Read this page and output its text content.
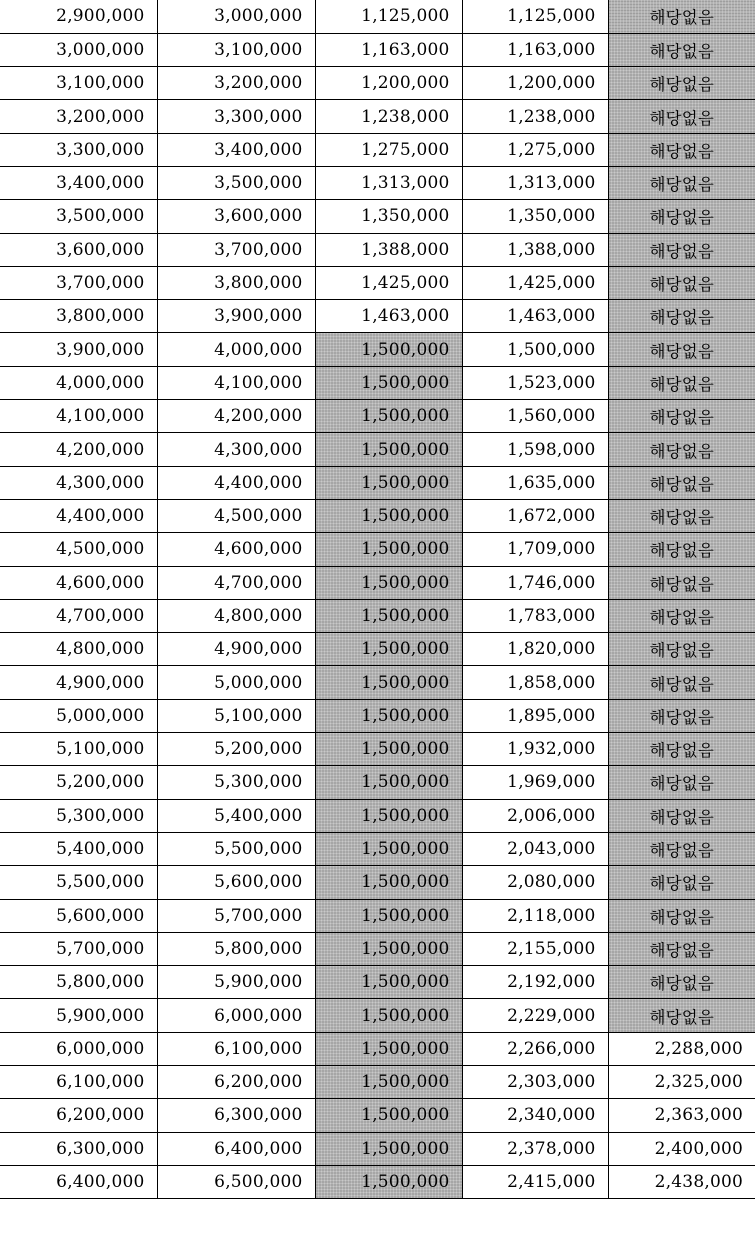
2,900,000	3,000,000	1,125,000	1,125,000	해당없음
3,000,000	3,100,000	1,163,000	1,163,000	해당없음
3,100,000	3,200,000	1,200,000	1,200,000	해당없음
3,200,000	3,300,000	1,238,000	1,238,000	해당없음
3,300,000	3,400,000	1,275,000	1,275,000	해당없음
3,400,000	3,500,000	1,313,000	1,313,000	해당없음
3,500,000	3,600,000	1,350,000	1,350,000	해당없음
3,600,000	3,700,000	1,388,000	1,388,000	해당없음
3,700,000	3,800,000	1,425,000	1,425,000	해당없음
3,800,000	3,900,000	1,463,000	1,463,000	해당없음
3,900,000	4,000,000	1,500,000	1,500,000	해당없음
4,000,000	4,100,000	1,500,000	1,523,000	해당없음
4,100,000	4,200,000	1,500,000	1,560,000	해당없음
4,200,000	4,300,000	1,500,000	1,598,000	해당없음
4,300,000	4,400,000	1,500,000	1,635,000	해당없음
4,400,000	4,500,000	1,500,000	1,672,000	해당없음
4,500,000	4,600,000	1,500,000	1,709,000	해당없음
4,600,000	4,700,000	1,500,000	1,746,000	해당없음
4,700,000	4,800,000	1,500,000	1,783,000	해당없음
4,800,000	4,900,000	1,500,000	1,820,000	해당없음
4,900,000	5,000,000	1,500,000	1,858,000	해당없음
5,000,000	5,100,000	1,500,000	1,895,000	해당없음
5,100,000	5,200,000	1,500,000	1,932,000	해당없음
5,200,000	5,300,000	1,500,000	1,969,000	해당없음
5,300,000	5,400,000	1,500,000	2,006,000	해당없음
5,400,000	5,500,000	1,500,000	2,043,000	해당없음
5,500,000	5,600,000	1,500,000	2,080,000	해당없음
5,600,000	5,700,000	1,500,000	2,118,000	해당없음
5,700,000	5,800,000	1,500,000	2,155,000	해당없음
5,800,000	5,900,000	1,500,000	2,192,000	해당없음
5,900,000	6,000,000	1,500,000	2,229,000	해당없음
6,000,000	6,100,000	1,500,000	2,266,000	2,288,000
6,100,000	6,200,000	1,500,000	2,303,000	2,325,000
6,200,000	6,300,000	1,500,000	2,340,000	2,363,000
6,300,000	6,400,000	1,500,000	2,378,000	2,400,000
6,400,000	6,500,000	1,500,000	2,415,000	2,438,000
